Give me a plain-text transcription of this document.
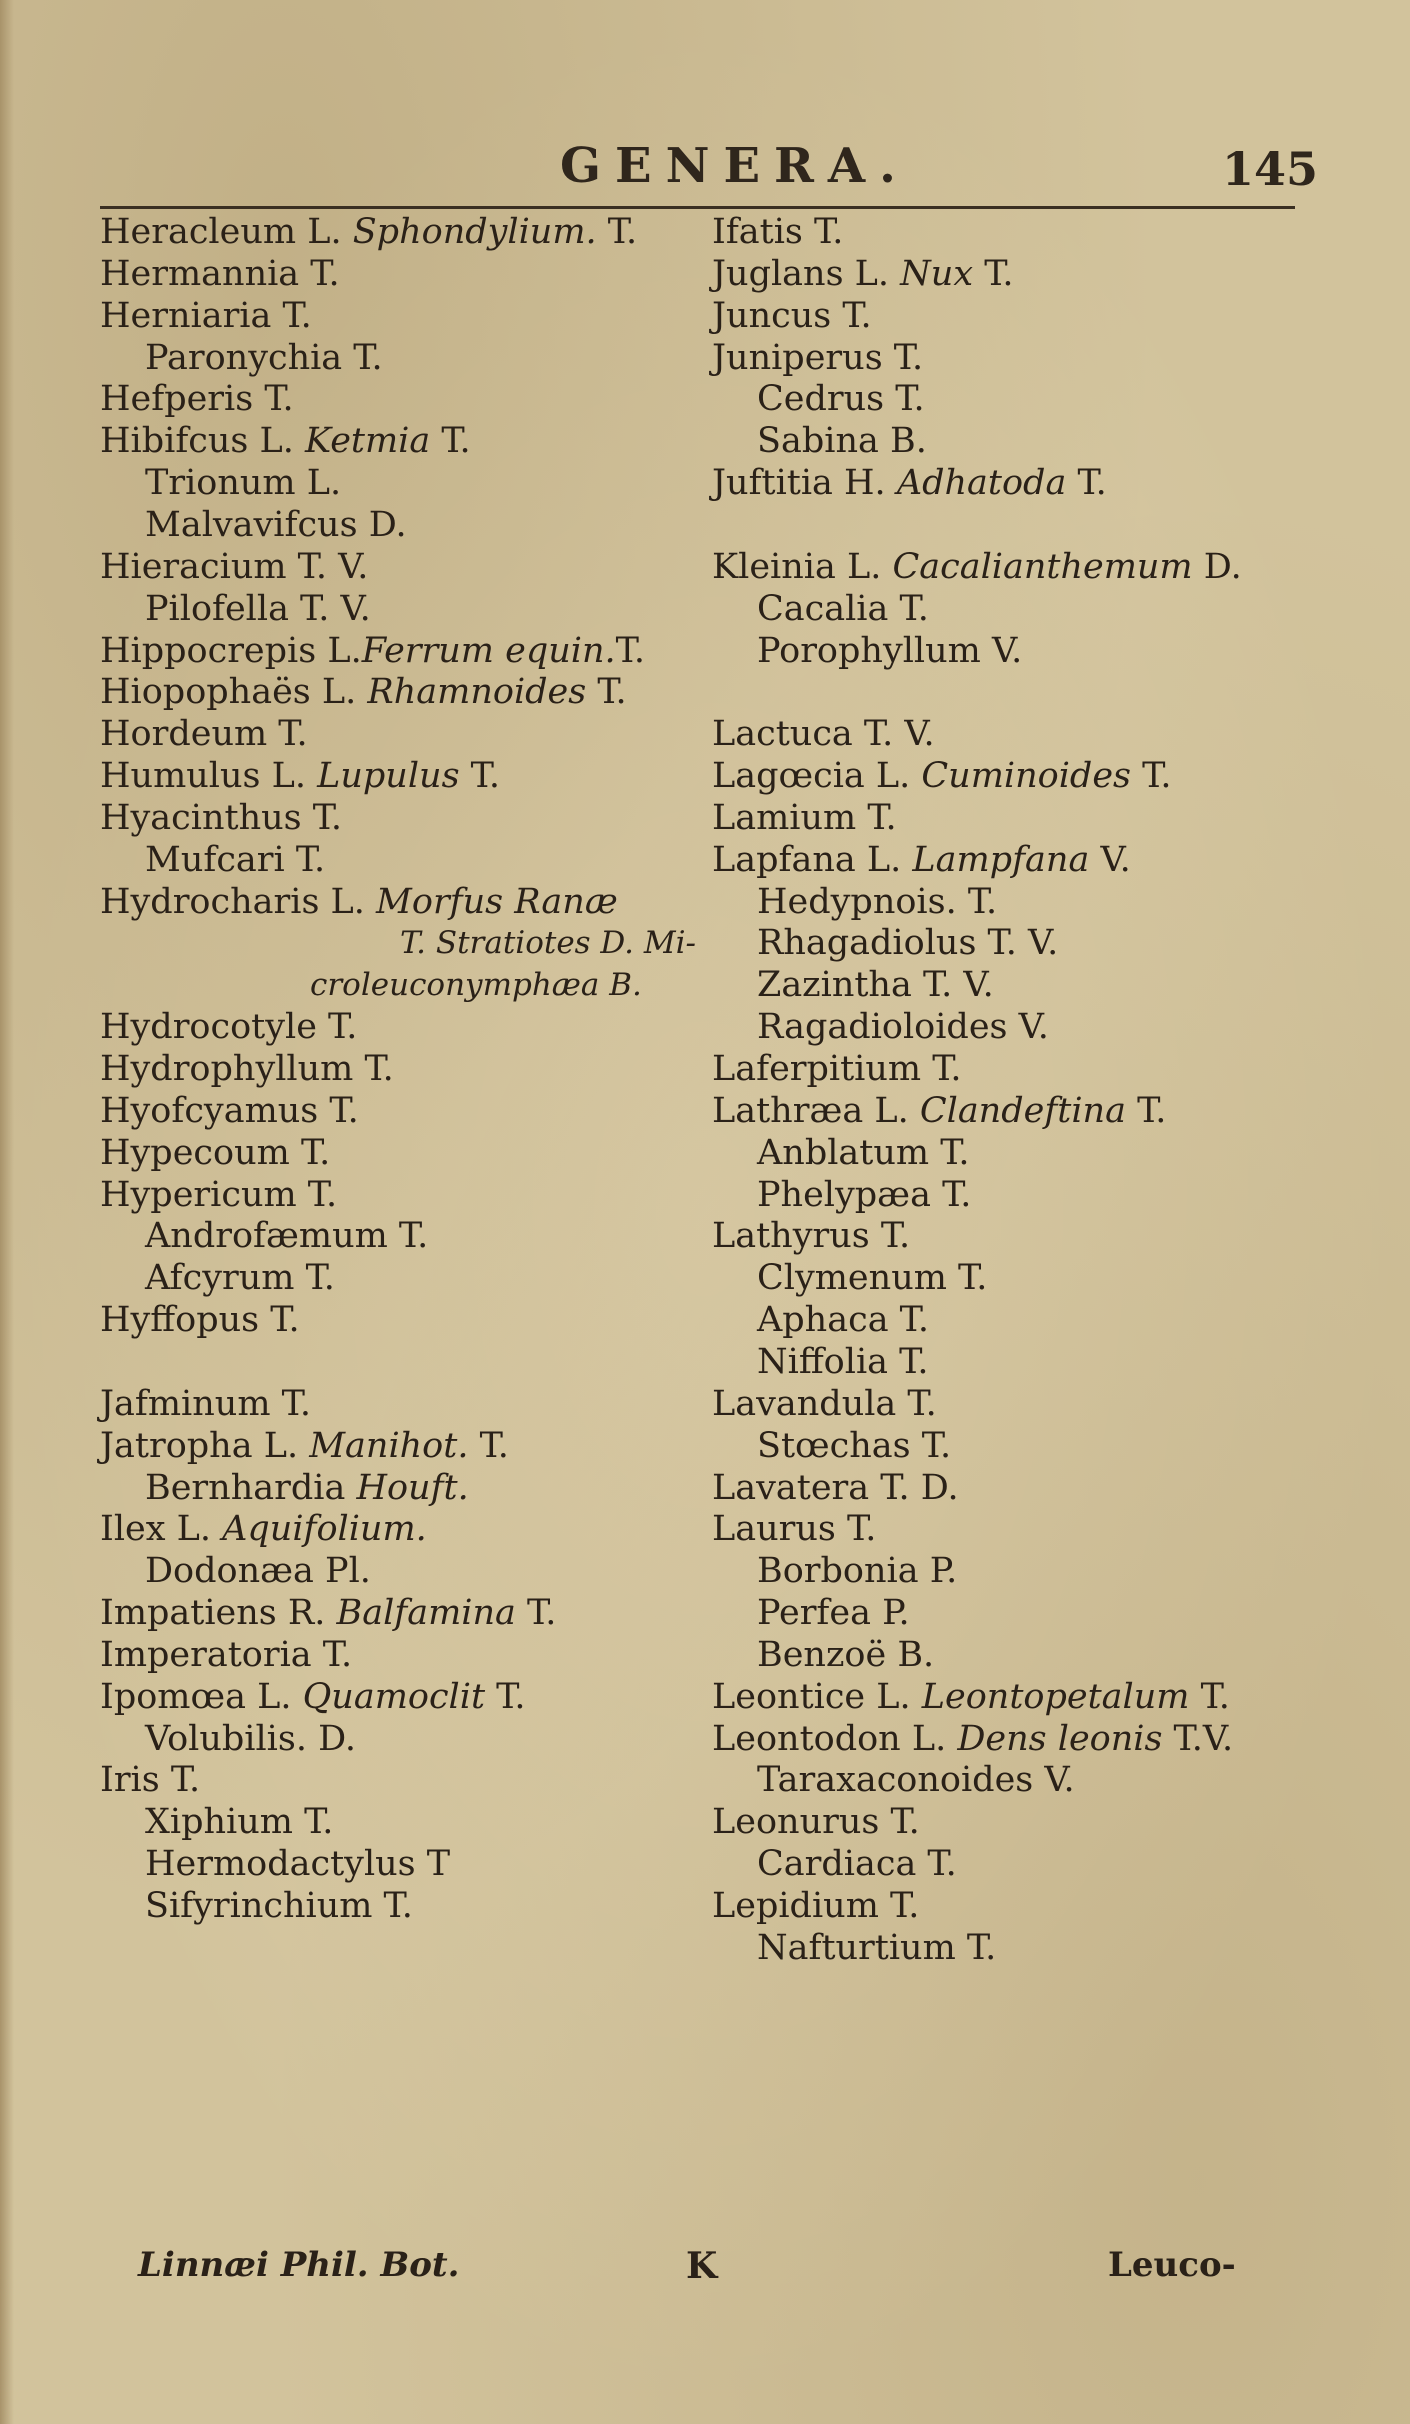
GENERA.	145
Heracleum L. Sphondylium. T.
Hermannia T.
Herniaria T.
Paronychia T.
Hefperis T.
Hibifcus L. Ketmia T.
Trionum L.
Malvavifcus D.
Hieracium T. V.
Pilofella T. V.
Hippocrepis L.Ferrum equin.T.
Hiopophaës L. Rhamnoides T.
Hordeum T.
Humulus L. Lupulus T.
Hyacinthus T.
Mufcari T.
Hydrocharis L. Morfus Ranæ
T. Stratiotes D. Mi-
croleuconymphæa B.
Hydrocotyle T.
Hydrophyllum T.
Hyofcyamus T.
Hypecoum T.
Hypericum T.
Androfæmum T.
Afcyrum T.
Hyffopus T.
Jafminum T.
Jatropha L. Manihot. T.
Bernhardia Houft.
Ilex L. Aquifolium.
Dodonæa Pl.
Impatiens R. Balfamina T.
Imperatoria T.
Ipomœa L. Quamoclit T.
Volubilis. D.
Iris T.
Xiphium T.
Hermodactylus T
Sifyrinchium T.
Ifatis T.
Juglans L. Nux T.
Juncus T.
Juniperus T.
Cedrus T.
Sabina B.
Juftitia H. Adhatoda T.
Kleinia L. Cacalianthemum D.
Cacalia T.
Porophyllum V.
Lactuca T. V.
Lagœcia L. Cuminoides T.
Lamium T.
Lapfana L. Lampfana V.
Hedypnois. T.
Rhagadiolus T. V.
Zazintha T. V.
Ragadioloides V.
Laferpitium T.
Lathræa L. Clandeftina T.
Anblatum T.
Phelypæa T.
Lathyrus T.
Clymenum T.
Aphaca T.
Niffolia T.
Lavandula T.
Stœchas T.
Lavatera T. D.
Laurus T.
Borbonia P.
Perfea P.
Benzoë B.
Leontice L. Leontopetalum T.
Leontodon L. Dens leonis T.V.
Taraxaconoides V.
Leonurus T.
Cardiaca T.
Lepidium T.
Nafturtium T.
Linnæi Phil. Bot.	K	Leuco-
